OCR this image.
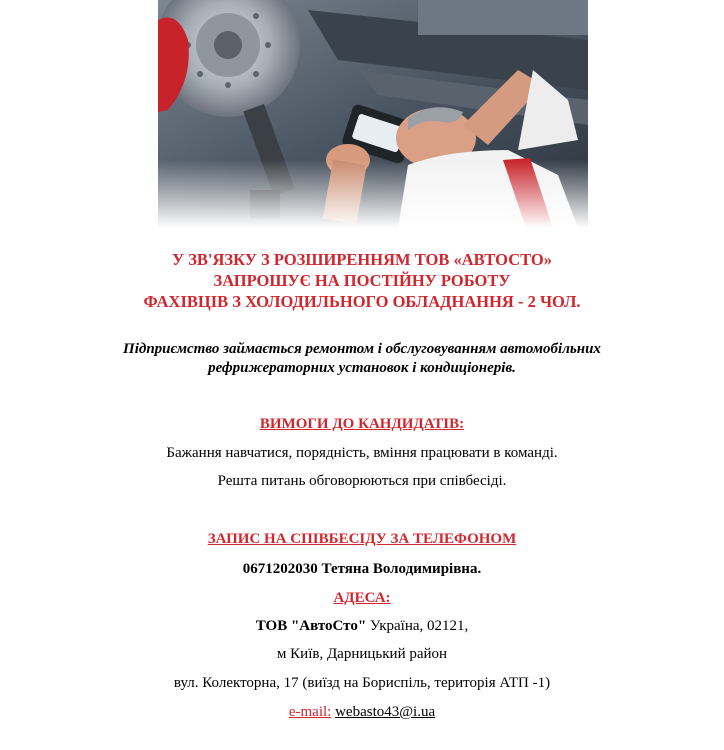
У ЗВ'ЯЗКУ З РОЗШИРЕННЯМ ТОВ «АВТОСТО»
ЗАПРОШУЄ НА ПОСТІЙНУ РОБОТУ
ФАХІВЦІВ З ХОЛОДИЛЬНОГО ОБЛАДНАННЯ - 2 ЧОЛ.
Підприємство займається ремонтом і обслуговуванням автомобільних
рефрижераторних установок і кондиціонерів.
ВИМОГИ ДО КАНДИДАТІВ:
Бажання навчатися, порядність, вміння працювати в команді.
Решта питань обговорюються при співбесіді.
ЗАПИС НА СПІВБЕСІДУ ЗА ТЕЛЕФОНОМ
0671202030 Тетяна Володимирівна.
АДЕСА:
ТОВ "АвтоСто" Україна, 02121,
м Київ, Дарницький район
вул. Колекторна, 17 (виїзд на Бориспіль, територія АТП -1)
e-mail: webasto43@i.ua
